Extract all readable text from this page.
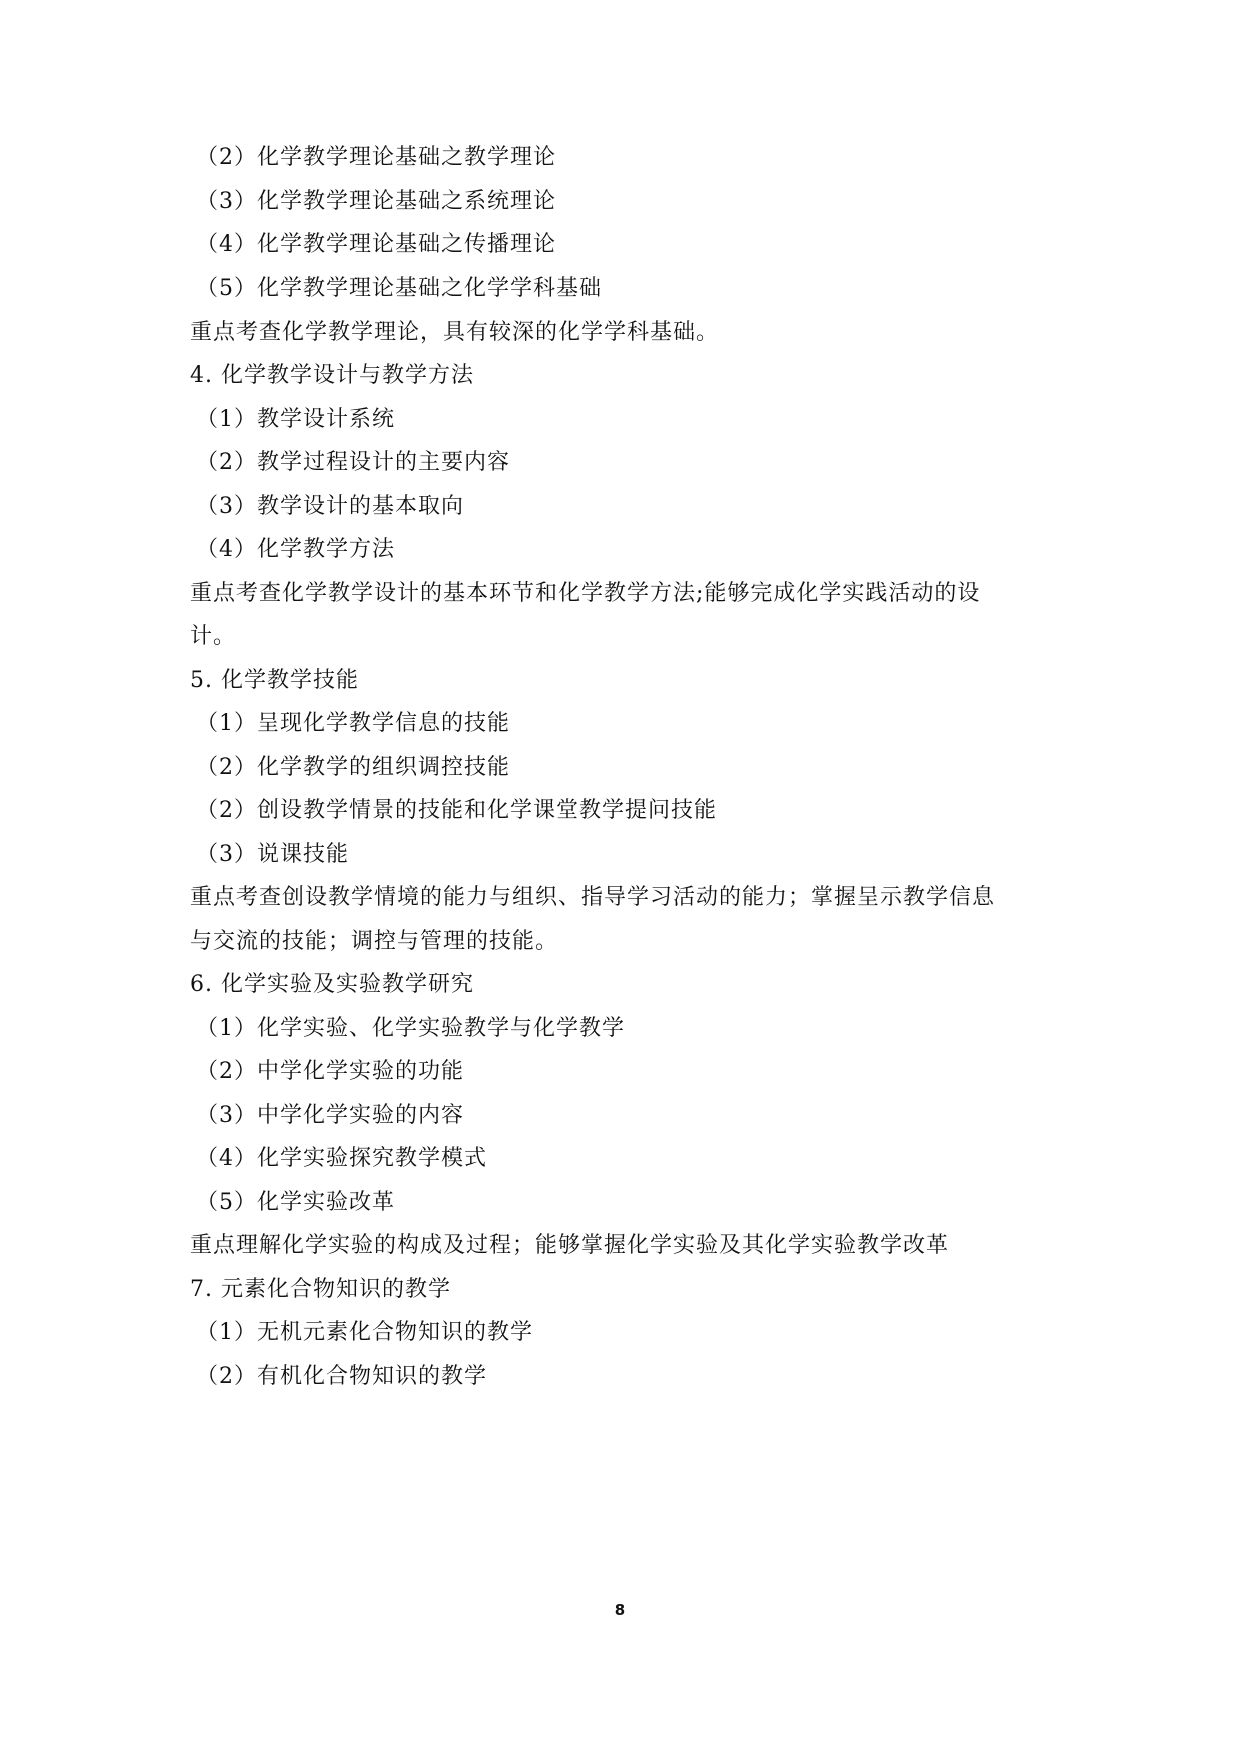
（2）化学教学理论基础之教学理论
（3）化学教学理论基础之系统理论
（4）化学教学理论基础之传播理论
（5）化学教学理论基础之化学学科基础
重点考查化学教学理论，具有较深的化学学科基础。
4. 化学教学设计与教学方法
（1）教学设计系统
（2）教学过程设计的主要内容
（3）教学设计的基本取向
（4）化学教学方法
重点考查化学教学设计的基本环节和化学教学方法;能够完成化学实践活动的设
计。
5. 化学教学技能
（1）呈现化学教学信息的技能
（2）化学教学的组织调控技能
（2）创设教学情景的技能和化学课堂教学提问技能
（3）说课技能
重点考查创设教学情境的能力与组织、指导学习活动的能力；掌握呈示教学信息
与交流的技能；调控与管理的技能。
6. 化学实验及实验教学研究
（1）化学实验、化学实验教学与化学教学
（2）中学化学实验的功能
（3）中学化学实验的内容
（4）化学实验探究教学模式
（5）化学实验改革
重点理解化学实验的构成及过程；能够掌握化学实验及其化学实验教学改革
7. 元素化合物知识的教学
（1）无机元素化合物知识的教学
（2）有机化合物知识的教学
8
